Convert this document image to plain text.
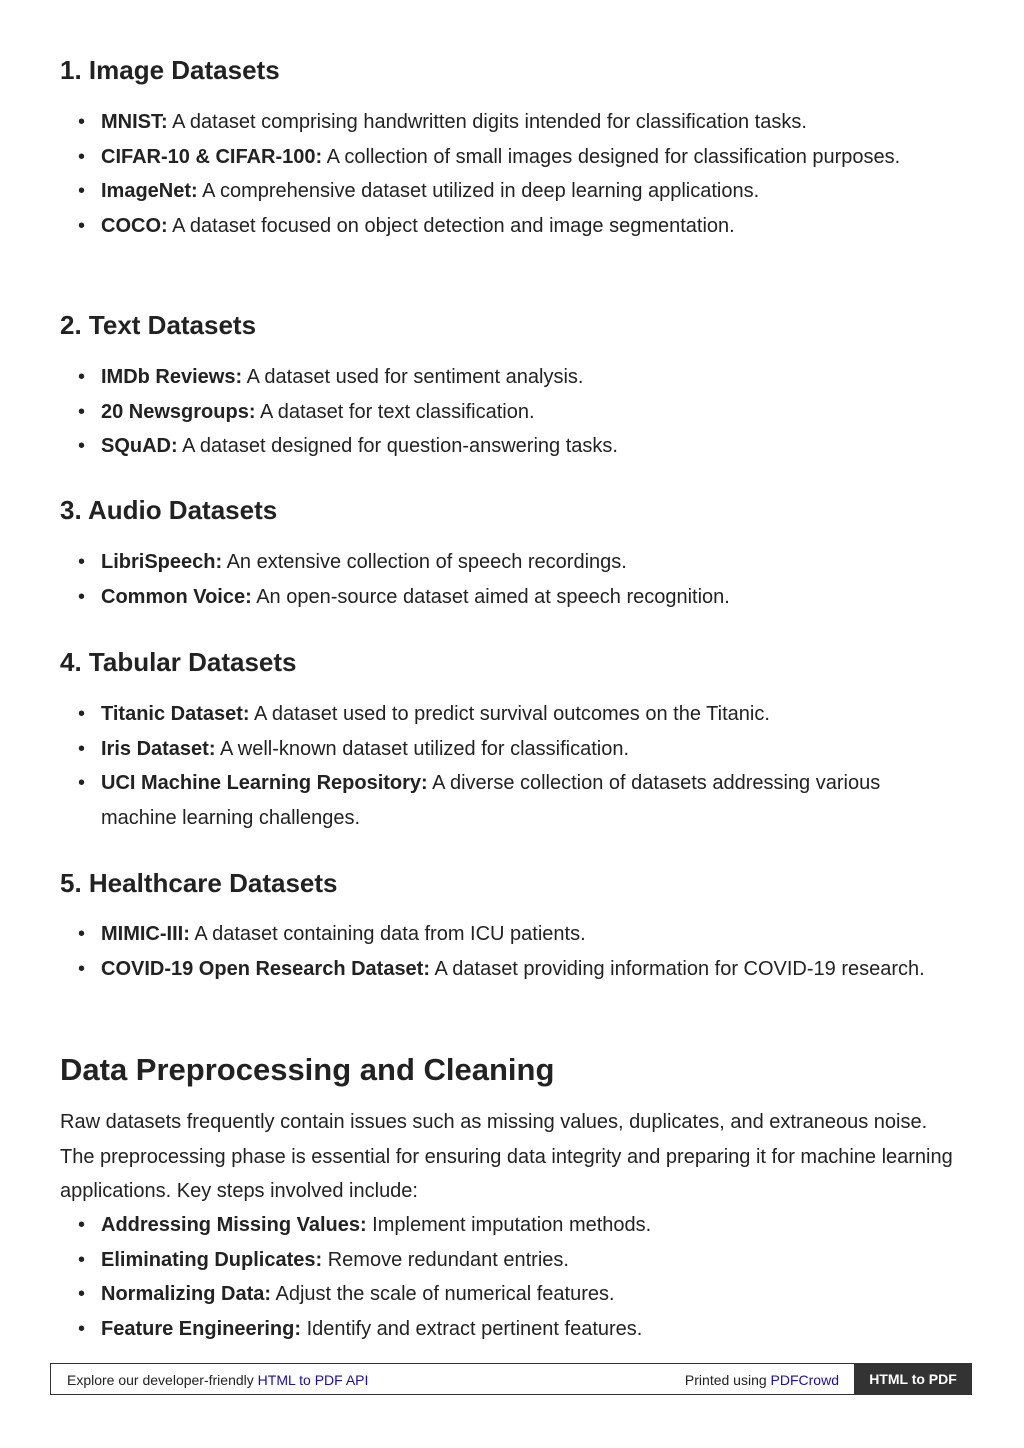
1. Image Datasets
• MNIST: A dataset comprising handwritten digits intended for classification tasks.
• CIFAR-10 & CIFAR-100: A collection of small images designed for classification purposes.
• ImageNet: A comprehensive dataset utilized in deep learning applications.
• COCO: A dataset focused on object detection and image segmentation.
2. Text Datasets
• IMDb Reviews: A dataset used for sentiment analysis.
• 20 Newsgroups: A dataset for text classification.
• SQuAD: A dataset designed for question-answering tasks.
3. Audio Datasets
• LibriSpeech: An extensive collection of speech recordings.
• Common Voice: An open-source dataset aimed at speech recognition.
4. Tabular Datasets
• Titanic Dataset: A dataset used to predict survival outcomes on the Titanic.
• Iris Dataset: A well-known dataset utilized for classification.
• UCI Machine Learning Repository: A diverse collection of datasets addressing various machine learning challenges.
5. Healthcare Datasets
• MIMIC-III: A dataset containing data from ICU patients.
• COVID-19 Open Research Dataset: A dataset providing information for COVID-19 research.
Data Preprocessing and Cleaning

Raw datasets frequently contain issues such as missing values, duplicates, and extraneous noise. The preprocessing phase is essential for ensuring data integrity and preparing it for machine learning applications. Key steps involved include:

• Addressing Missing Values: Implement imputation methods.
• Eliminating Duplicates: Remove redundant entries.
• Normalizing Data: Adjust the scale of numerical features.
• Feature Engineering: Identify and extract pertinent features.
Explore our developer-friendly HTML to PDF API	Printed using PDFCrowd	HTML to PDF
